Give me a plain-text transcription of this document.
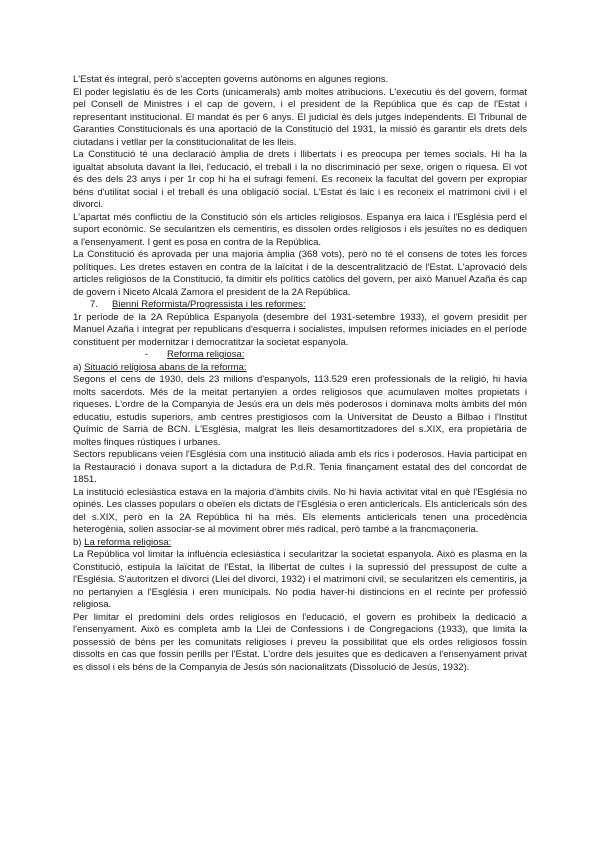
L'Estat és integral, però s'accepten governs autònoms en algunes regions.

El poder legislatiu és de les Corts (unicamerals) amb moltes atribucions. L'executiu és del govern, format pel Consell de Ministres i el cap de govern, i el president de la República que és cap de l'Estat i representant institucional. El mandat és per 6 anys. El judicial és dels jutges independents. El Tribunal de Garanties Constitucionals és una aportació de la Constitució del 1931, la missió és garantir els drets dels ciutadans i vetllar per la constitucionalitat de les lleis.

La Constitució té una declaració àmplia de drets i llibertats i es preocupa per temes socials. Hi ha la igualtat absoluta davant la llei, l'educació, el treball i la no discriminació per sexe, origen o riquesa. El vot és des dels 23 anys i per 1r cop hi ha el sufragi femení. Es reconeix la facultat del govern per expropiar béns d'utilitat social i el treball és una obligació social. L'Estat és laic i es reconeix el matrimoni civil i el divorci.

L'apartat més conflictiu de la Constitució són els articles religiosos. Espanya era laica i l'Església perd el suport econòmic. Se secularitzen els cementiris, es dissolen ordes religiosos i els jesuïtes no es dediquen a l'ensenyament. I gent es posa en contra de la República.

La Constitució és aprovada per una majoria àmplia (368 vots), però no té el consens de totes les forces polítiques. Les dretes estaven en contra de la laïcitat i de la descentralització de l'Estat. L'aprovació dels articles religiosos de la Constitució, fa dimitir els polítics catòlics del govern, per això Manuel Azaña és cap de govern i Niceto Alcalá Zamora el president de la 2A República.

7. Bienni Reformista/Progressista i les reformes:

1r període de la 2A República Espanyola (desembre del 1931-setembre 1933), el govern presidit per Manuel Azaña i integrat per republicans d'esquerra i socialistes, impulsen reformes iniciades en el període constituent per modernitzar i democratitzar la societat espanyola.

- Reforma religiosa:

a) Situació religiosa abans de la reforma:

Segons el cens de 1930, dels 23 milions d'espanyols, 113.529 eren professionals de la religió, hi havia molts sacerdots. Més de la meitat pertanyien a ordes religiosos que acumulaven moltes propietats i riqueses. L'ordre de la Companyia de Jesús era un dels més poderosos i dominava molts àmbits del món educatiu, estudis superiors, amb centres prestigiosos com la Universitat de Deusto a Bilbao i l'Institut Químic de Sarrià de BCN. L'Església, malgrat les lleis desamortitzadores del s.XIX, era propietària de moltes finques rústiques i urbanes.

Sectors republicans veien l'Església com una institució aliada amb els rics i poderosos. Havia participat en la Restauració i donava suport a la dictadura de P.d.R. Tenia finançament estatal des del concordat de 1851.

La institució eclesiàstica estava en la majoria d'àmbits civils. No hi havia activitat vital en què l'Església no opinés. Les classes populars o obeïen els dictats de l'Església o eren anticlericals. Els anticlericals són des del s.XIX, però en la 2A República hi ha més. Els elements anticlericals tenen una procedència heterogènia, solien associar-se al moviment obrer més radical, però també a la francmaçoneria.

b) La reforma religiosa:

La República vol limitar la influència eclesiàstica i secularitzar la societat espanyola. Això es plasma en la Constitució, estipula la laïcitat de l'Estat, la llibertat de cultes i la supressió del pressupost de culte a l'Església. S'autoritzen el divorci (Llei del divorci, 1932) i el matrimoni civil, se secularitzen els cementiris, ja no pertanyien a l'Església i eren municipals. No podia haver-hi distincions en el recinte per professió religiosa.

Per limitar el predomini dels ordes religiosos en l'educació, el govern es prohibeix la dedicació a l'ensenyament. Això es completa amb la Llei de Confessions i de Congregacions (1933), que limita la possessió de béns per les comunitats religioses i preveu la possibilitat que els ordes religiosos fossin dissolts en cas que fossin perills per l'Estat. L'ordre dels jesuïtes que es dedicaven a l'ensenyament privat es dissol i els béns de la Companyia de Jesús són nacionalitzats (Dissolució de Jesús, 1932).
